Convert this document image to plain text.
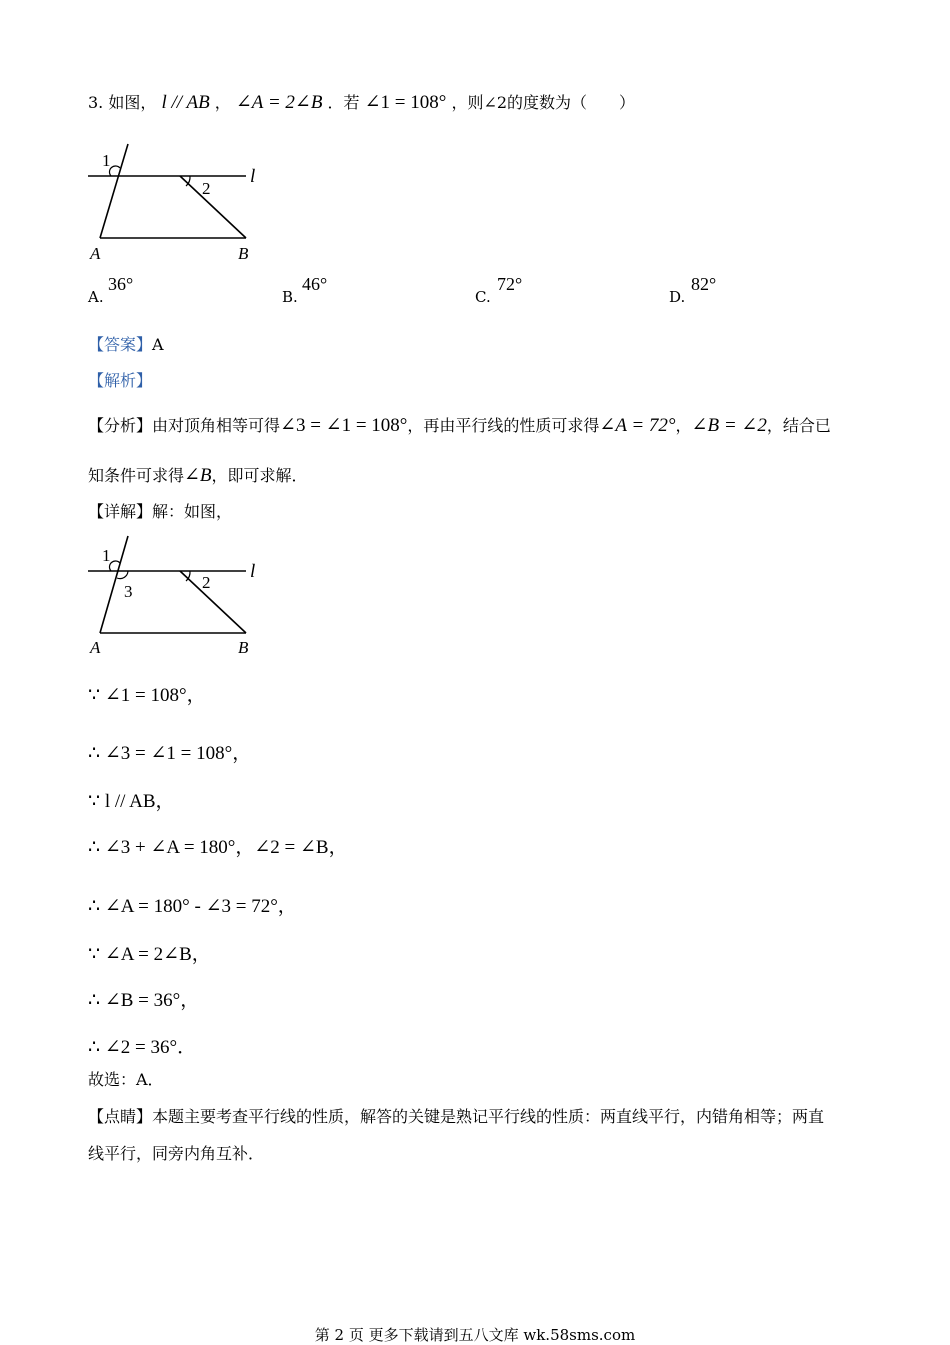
3. 如图， l // AB ， ∠A = 2∠B ．若 ∠1 = 108° ，则∠2的度数为（　　）
1
2
l
A	B
36°
A.
46°
B.
72°
C.
82°
D.
【答案】A
【解析】
【分析】由对顶角相等可得∠3 = ∠1 = 108°，再由平行线的性质可求得∠A = 72°，∠B = ∠2，结合已
知条件可求得∠B，即可求解．
【详解】解：如图，
1
2
3
l
A	B
∵ ∠1 = 108°，
∴ ∠3 = ∠1 = 108°，
∵ l // AB，
∴ ∠3 + ∠A = 180°，∠2 = ∠B，
∴ ∠A = 180° - ∠3 = 72°，
∵ ∠A = 2∠B，
∴ ∠B = 36°，
∴ ∠2 = 36°．
故选：A．
【点睛】本题主要考查平行线的性质，解答的关键是熟记平行线的性质：两直线平行，内错角相等；两直
线平行，同旁内角互补．
第 2 页 更多下载请到五八文库 wk.58sms.com
